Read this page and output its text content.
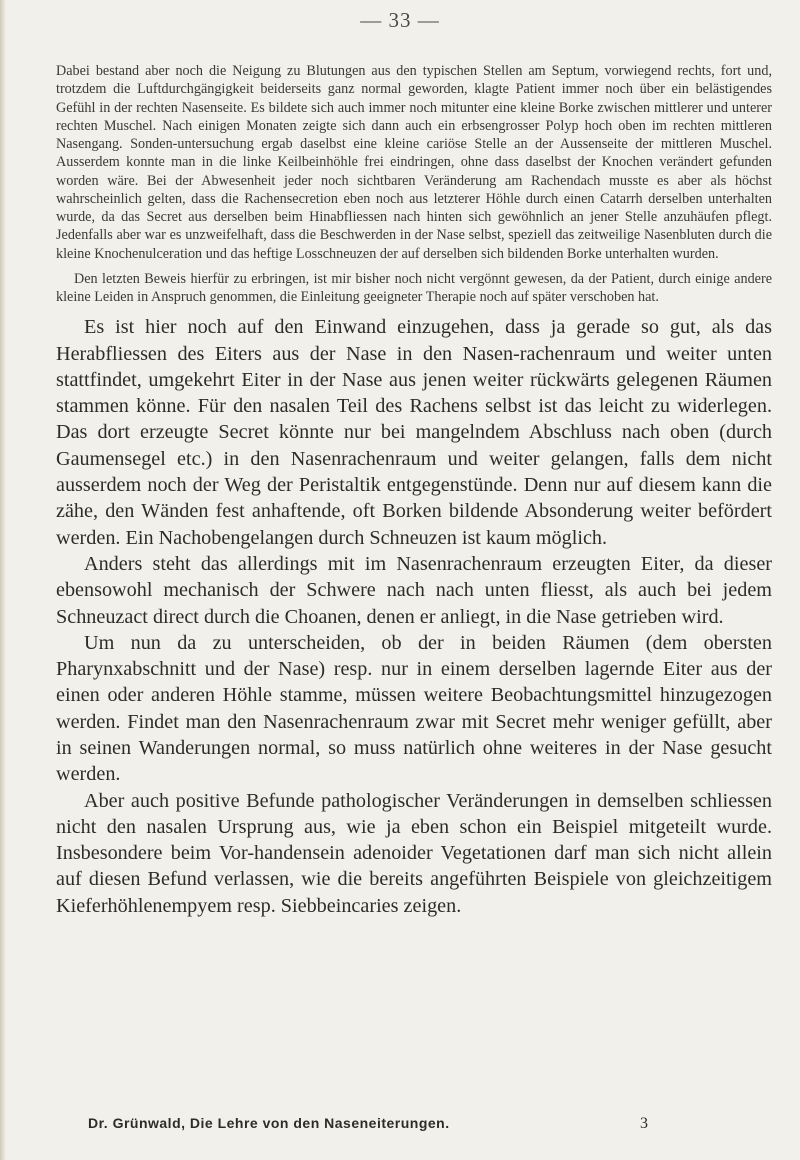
— 33 —

Dabei bestand aber noch die Neigung zu Blutungen aus den typischen Stellen am Septum, vorwiegend rechts, fort und, trotzdem die Luftdurchgängigkeit beiderseits ganz normal geworden, klagte Patient immer noch über ein belästigendes Gefühl in der rechten Nasenseite. Es bildete sich auch immer noch mitunter eine kleine Borke zwischen mittlerer und unterer rechten Muschel. Nach einigen Monaten zeigte sich dann auch ein erbsengrosser Polyp hoch oben im rechten mittleren Nasengang. Sonden-untersuchung ergab daselbst eine kleine cariöse Stelle an der Aussenseite der mittleren Muschel. Ausserdem konnte man in die linke Keilbeinhöhle frei eindringen, ohne dass daselbst der Knochen verändert gefunden worden wäre. Bei der Abwesenheit jeder noch sichtbaren Veränderung am Rachendach musste es aber als höchst wahrscheinlich gelten, dass die Rachensecretion eben noch aus letzterer Höhle durch einen Catarrh derselben unterhalten wurde, da das Secret aus derselben beim Hinabfliessen nach hinten sich gewöhnlich an jener Stelle anzuhäufen pflegt. Jedenfalls aber war es unzweifelhaft, dass die Beschwerden in der Nase selbst, speziell das zeitweilige Nasenbluten durch die kleine Knochenulceration und das heftige Losschneuzen der auf derselben sich bildenden Borke unterhalten wurden.

Den letzten Beweis hierfür zu erbringen, ist mir bisher noch nicht vergönnt gewesen, da der Patient, durch einige andere kleine Leiden in Anspruch genommen, die Einleitung geeigneter Therapie noch auf später verschoben hat.

Es ist hier noch auf den Einwand einzugehen, dass ja gerade so gut, als das Herabfliessen des Eiters aus der Nase in den Nasen-rachenraum und weiter unten stattfindet, umgekehrt Eiter in der Nase aus jenen weiter rückwärts gelegenen Räumen stammen könne. Für den nasalen Teil des Rachens selbst ist das leicht zu widerlegen. Das dort erzeugte Secret könnte nur bei mangelndem Abschluss nach oben (durch Gaumensegel etc.) in den Nasenrachenraum und weiter gelangen, falls dem nicht ausserdem noch der Weg der Peristaltik entgegenstünde. Denn nur auf diesem kann die zähe, den Wänden fest anhaftende, oft Borken bildende Absonderung weiter befördert werden. Ein Nachobengelangen durch Schneuzen ist kaum möglich.

Anders steht das allerdings mit im Nasenrachenraum erzeugten Eiter, da dieser ebensowohl mechanisch der Schwere nach nach unten fliesst, als auch bei jedem Schneuzact direct durch die Choanen, denen er anliegt, in die Nase getrieben wird.

Um nun da zu unterscheiden, ob der in beiden Räumen (dem obersten Pharynxabschnitt und der Nase) resp. nur in einem derselben lagernde Eiter aus der einen oder anderen Höhle stamme, müssen weitere Beobachtungsmittel hinzugezogen werden. Findet man den Nasenrachenraum zwar mit Secret mehr weniger gefüllt, aber in seinen Wanderungen normal, so muss natürlich ohne weiteres in der Nase gesucht werden.

Aber auch positive Befunde pathologischer Veränderungen in demselben schliessen nicht den nasalen Ursprung aus, wie ja eben schon ein Beispiel mitgeteilt wurde. Insbesondere beim Vor-handensein adenoider Vegetationen darf man sich nicht allein auf diesen Befund verlassen, wie die bereits angeführten Beispiele von gleichzeitigem Kieferhöhlenempyem resp. Siebbeincaries zeigen.

Dr. Grünwald, Die Lehre von den Naseneiterungen.	3
